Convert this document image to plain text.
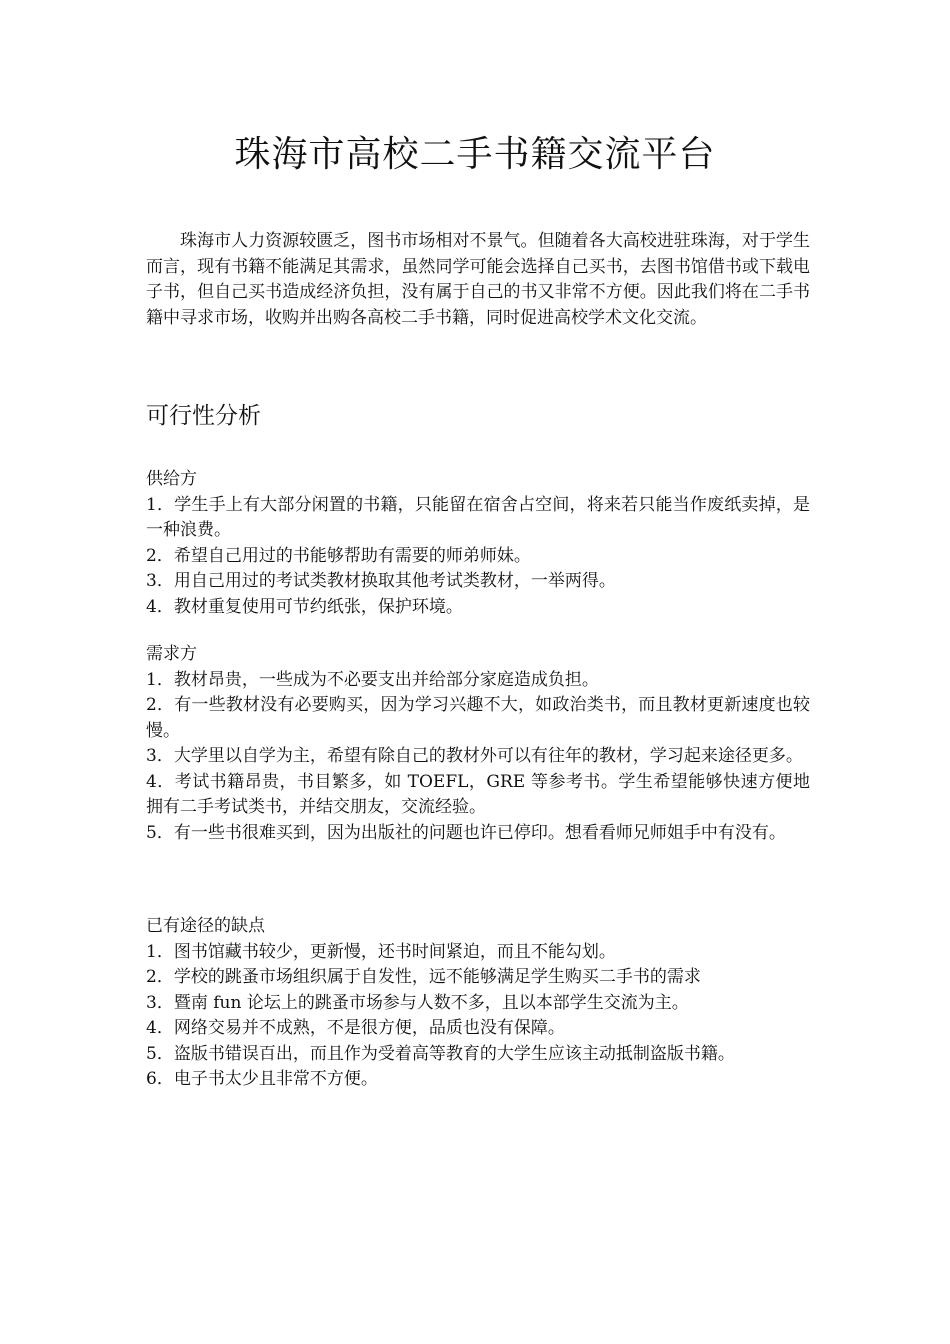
珠海市高校二手书籍交流平台

珠海市人力资源较匮乏，图书市场相对不景气。但随着各大高校进驻珠海，对于学生而言，现有书籍不能满足其需求，虽然同学可能会选择自己买书，去图书馆借书或下载电子书，但自己买书造成经济负担，没有属于自己的书又非常不方便。因此我们将在二手书籍中寻求市场，收购并出购各高校二手书籍，同时促进高校学术文化交流。

可行性分析

供给方

1．学生手上有大部分闲置的书籍，只能留在宿舍占空间，将来若只能当作废纸卖掉，是一种浪费。

2．希望自己用过的书能够帮助有需要的师弟师妹。

3．用自己用过的考试类教材换取其他考试类教材，一举两得。

4．教材重复使用可节约纸张，保护环境。

需求方

1．教材昂贵，一些成为不必要支出并给部分家庭造成负担。

2．有一些教材没有必要购买，因为学习兴趣不大，如政治类书，而且教材更新速度也较慢。

3．大学里以自学为主，希望有除自己的教材外可以有往年的教材，学习起来途径更多。

4．考试书籍昂贵，书目繁多，如 TOEFL，GRE 等参考书。学生希望能够快速方便地拥有二手考试类书，并结交朋友，交流经验。

5．有一些书很难买到，因为出版社的问题也许已停印。想看看师兄师姐手中有没有。

已有途径的缺点

1．图书馆藏书较少，更新慢，还书时间紧迫，而且不能勾划。

2．学校的跳蚤市场组织属于自发性，远不能够满足学生购买二手书的需求

3．暨南 fun 论坛上的跳蚤市场参与人数不多，且以本部学生交流为主。

4．网络交易并不成熟，不是很方便，品质也没有保障。

5．盗版书错误百出，而且作为受着高等教育的大学生应该主动抵制盗版书籍。

6．电子书太少且非常不方便。
